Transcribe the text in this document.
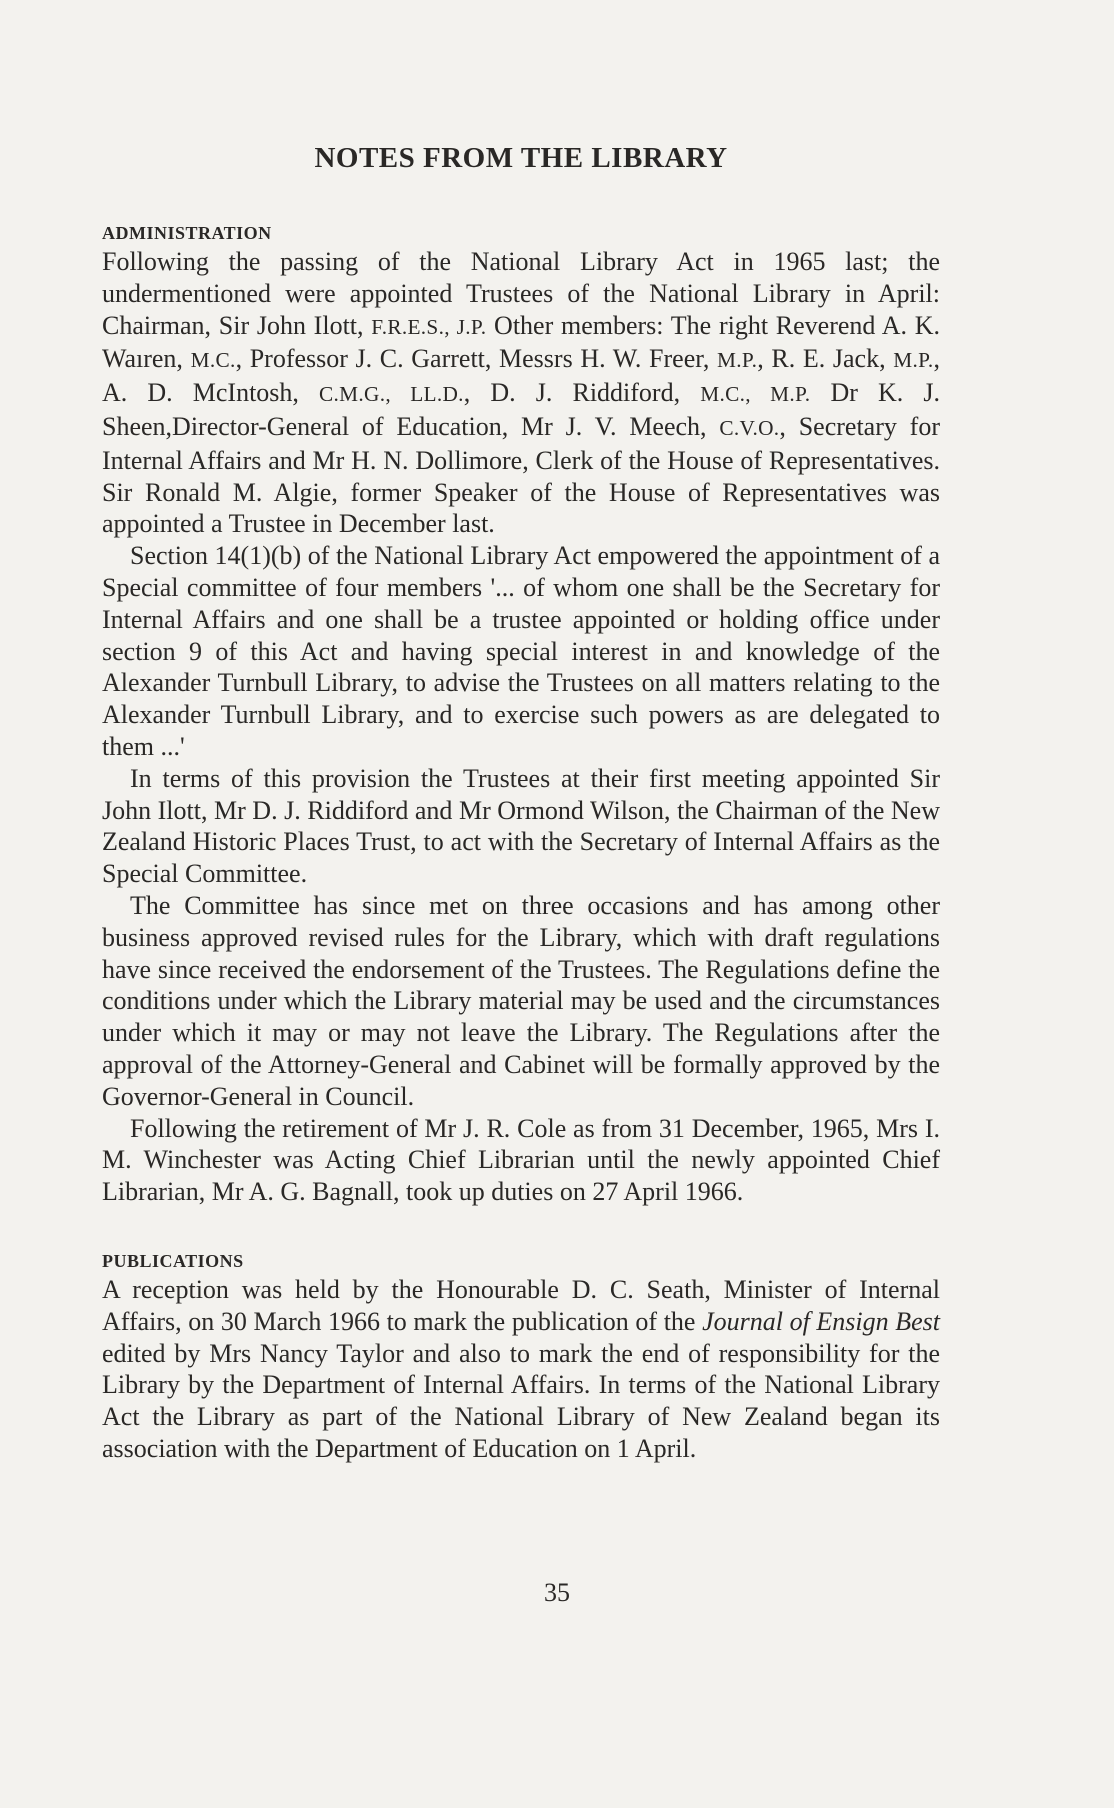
NOTES FROM THE LIBRARY
ADMINISTRATION

Following the passing of the National Library Act in 1965 last; the undermentioned were appointed Trustees of the National Library in April: Chairman, Sir John Ilott, F.R.E.S., J.P. Other members: The right Reverend A. K. Waıren, M.C., Professor J. C. Garrett, Messrs H. W. Freer, M.P., R. E. Jack, M.P., A. D. McIntosh, C.M.G., LL.D., D. J. Riddiford, M.C., M.P. Dr K. J. Sheen,Director-General of Education, Mr J. V. Meech, C.V.O., Secretary for Internal Affairs and Mr H. N. Dollimore, Clerk of the House of Representatives. Sir Ronald M. Algie, former Speaker of the House of Representatives was appointed a Trustee in December last.

Section 14(1)(b) of the National Library Act empowered the appointment of a Special committee of four members '... of whom one shall be the Secretary for Internal Affairs and one shall be a trustee appointed or holding office under section 9 of this Act and having special interest in and knowledge of the Alexander Turnbull Library, to advise the Trustees on all matters relating to the Alexander Turnbull Library, and to exercise such powers as are delegated to them ...'

In terms of this provision the Trustees at their first meeting appointed Sir John Ilott, Mr D. J. Riddiford and Mr Ormond Wilson, the Chairman of the New Zealand Historic Places Trust, to act with the Secretary of Internal Affairs as the Special Committee.

The Committee has since met on three occasions and has among other business approved revised rules for the Library, which with draft regulations have since received the endorsement of the Trustees. The Regulations define the conditions under which the Library material may be used and the circumstances under which it may or may not leave the Library. The Regulations after the approval of the Attorney-General and Cabinet will be formally approved by the Governor-General in Council.

Following the retirement of Mr J. R. Cole as from 31 December, 1965, Mrs I. M. Winchester was Acting Chief Librarian until the newly appointed Chief Librarian, Mr A. G. Bagnall, took up duties on 27 April 1966.

PUBLICATIONS

A reception was held by the Honourable D. C. Seath, Minister of Internal Affairs, on 30 March 1966 to mark the publication of the Journal of Ensign Best edited by Mrs Nancy Taylor and also to mark the end of responsibility for the Library by the Department of Internal Affairs. In terms of the National Library Act the Library as part of the National Library of New Zealand began its association with the Department of Education on 1 April.

35
